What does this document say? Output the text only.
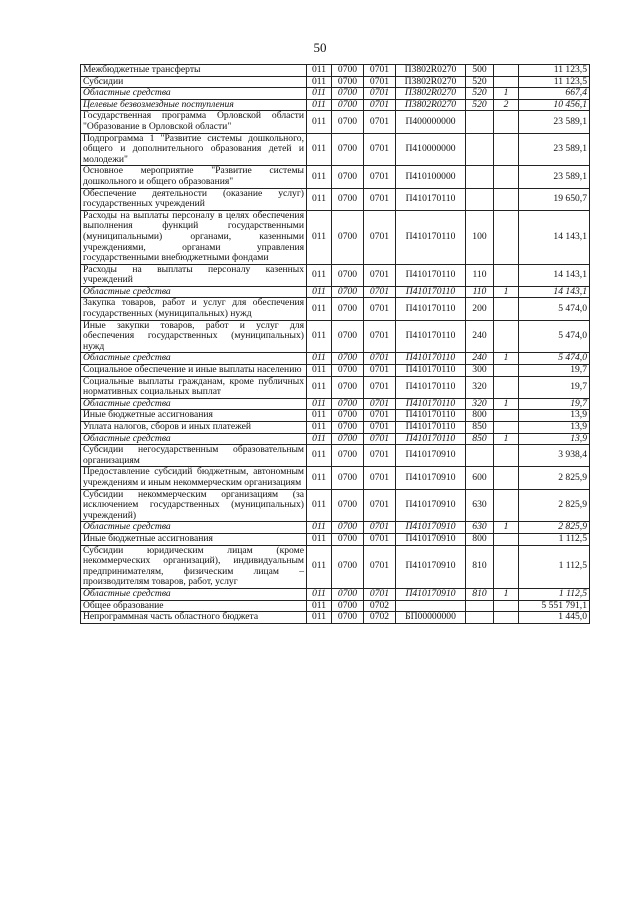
50
Межбюджетные трансферты	011	0700	0701	П3802R0270	500		11 123,5
Субсидии	011	0700	0701	П3802R0270	520		11 123,5
Областные средства	011	0700	0701	П3802R0270	520	1	667,4
Целевые безвозмездные поступления	011	0700	0701	П3802R0270	520	2	10 456,1
Государственная программа Орловской области "Образование в Орловской области"	011	0700	0701	П400000000			23 589,1
Подпрограмма 1 "Развитие системы дошкольного, общего и дополнительного образования детей и молодежи"	011	0700	0701	П410000000			23 589,1
Основное мероприятие "Развитие системы дошкольного и общего образования"	011	0700	0701	П410100000			23 589,1
Обеспечение деятельности (оказание услуг) государственных учреждений	011	0700	0701	П410170110			19 650,7
Расходы на выплаты персоналу в целях обеспечения выполнения функций государственными (муниципальными) органами, казенными учреждениями, органами управления государственными внебюджетными фондами	011	0700	0701	П410170110	100		14 143,1
Расходы на выплаты персоналу казенных учреждений	011	0700	0701	П410170110	110		14 143,1
Областные средства	011	0700	0701	П410170110	110	1	14 143,1
Закупка товаров, работ и услуг для обеспечения государственных (муниципальных) нужд	011	0700	0701	П410170110	200		5 474,0
Иные закупки товаров, работ и услуг для обеспечения государственных (муниципальных) нужд	011	0700	0701	П410170110	240		5 474,0
Областные средства	011	0700	0701	П410170110	240	1	5 474,0
Социальное обеспечение и иные выплаты населению	011	0700	0701	П410170110	300		19,7
Социальные выплаты гражданам, кроме публичных нормативных социальных выплат	011	0700	0701	П410170110	320		19,7
Областные средства	011	0700	0701	П410170110	320	1	19,7
Иные бюджетные ассигнования	011	0700	0701	П410170110	800		13,9
Уплата налогов, сборов и иных платежей	011	0700	0701	П410170110	850		13,9
Областные средства	011	0700	0701	П410170110	850	1	13,9
Субсидии негосударственным образовательным организациям	011	0700	0701	П410170910			3 938,4
Предоставление субсидий бюджетным, автономным учреждениям и иным некоммерческим организациям	011	0700	0701	П410170910	600		2 825,9
Субсидии некоммерческим организациям (за исключением государственных (муниципальных) учреждений)	011	0700	0701	П410170910	630		2 825,9
Областные средства	011	0700	0701	П410170910	630	1	2 825,9
Иные бюджетные ассигнования	011	0700	0701	П410170910	800		1 112,5
Субсидии юридическим лицам (кроме некоммерческих организаций), индивидуальным предпринимателям, физическим лицам – производителям товаров, работ, услуг	011	0700	0701	П410170910	810		1 112,5
Областные средства	011	0700	0701	П410170910	810	1	1 112,5
Общее образование	011	0700	0702				5 551 791,1
Непрограммная часть областного бюджета	011	0700	0702	БП00000000			1 445,0
